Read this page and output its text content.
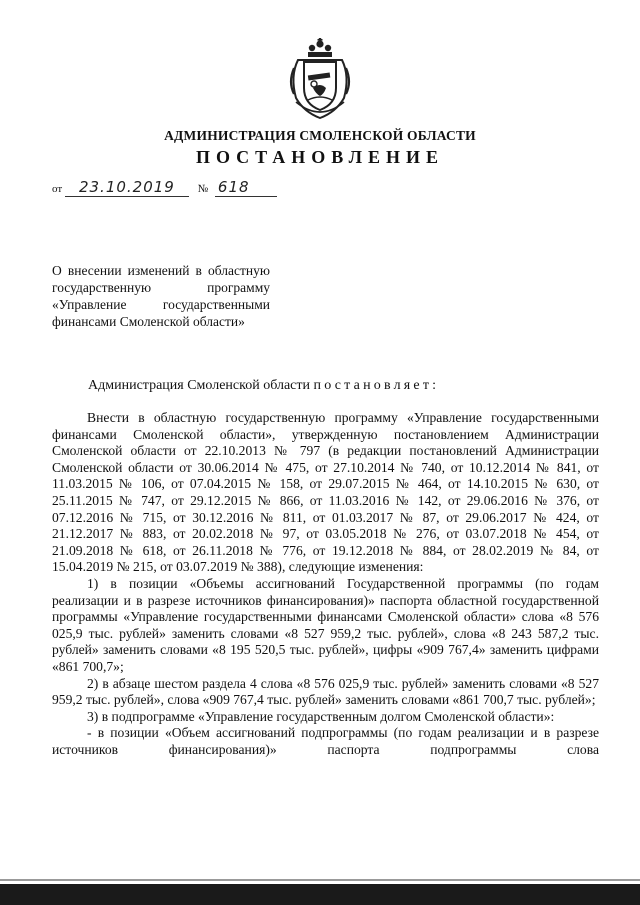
АДМИНИСТРАЦИЯ СМОЛЕНСКОЙ ОБЛАСТИ
ПОСТАНОВЛЕНИЕ
от 23.10.2019 № 618
О внесении изменений в областную государственную программу «Управление государственными финансами Смоленской области»
Администрация Смоленской области постановляет:

Внести в областную государственную программу «Управление государственными финансами Смоленской области», утвержденную постановлением Администрации Смоленской области от 22.10.2013 № 797 (в редакции постановлений Администрации Смоленской области от 30.06.2014 № 475, от 27.10.2014 № 740, от 10.12.2014 № 841, от 11.03.2015 № 106, от 07.04.2015 № 158, от 29.07.2015 № 464, от 14.10.2015 № 630, от 25.11.2015 № 747, от 29.12.2015 № 866, от 11.03.2016 № 142, от 29.06.2016 № 376, от 07.12.2016 № 715, от 30.12.2016 № 811, от 01.03.2017 № 87, от 29.06.2017 № 424, от 21.12.2017 № 883, от 20.02.2018 № 97, от 03.05.2018 № 276, от 03.07.2018 № 454, от 21.09.2018 № 618, от 26.11.2018 № 776, от 19.12.2018 № 884, от 28.02.2019 № 84, от 15.04.2019 № 215, от 03.07.2019 № 388), следующие изменения:

1) в позиции «Объемы ассигнований Государственной программы (по годам реализации и в разрезе источников финансирования)» паспорта областной государственной программы «Управление государственными финансами Смоленской области» слова «8 576 025,9 тыс. рублей» заменить словами «8 527 959,2 тыс. рублей», слова «8 243 587,2 тыс. рублей» заменить словами «8 195 520,5 тыс. рублей», цифры «909 767,4» заменить цифрами «861 700,7»;

2) в абзаце шестом раздела 4 слова «8 576 025,9 тыс. рублей» заменить словами «8 527 959,2 тыс. рублей», слова «909 767,4 тыс. рублей» заменить словами «861 700,7 тыс. рублей»;

3) в подпрограмме «Управление государственным долгом Смоленской области»:

- в позиции «Объем ассигнований подпрограммы (по годам реализации и в разрезе источников финансирования)» паспорта подпрограммы слова
